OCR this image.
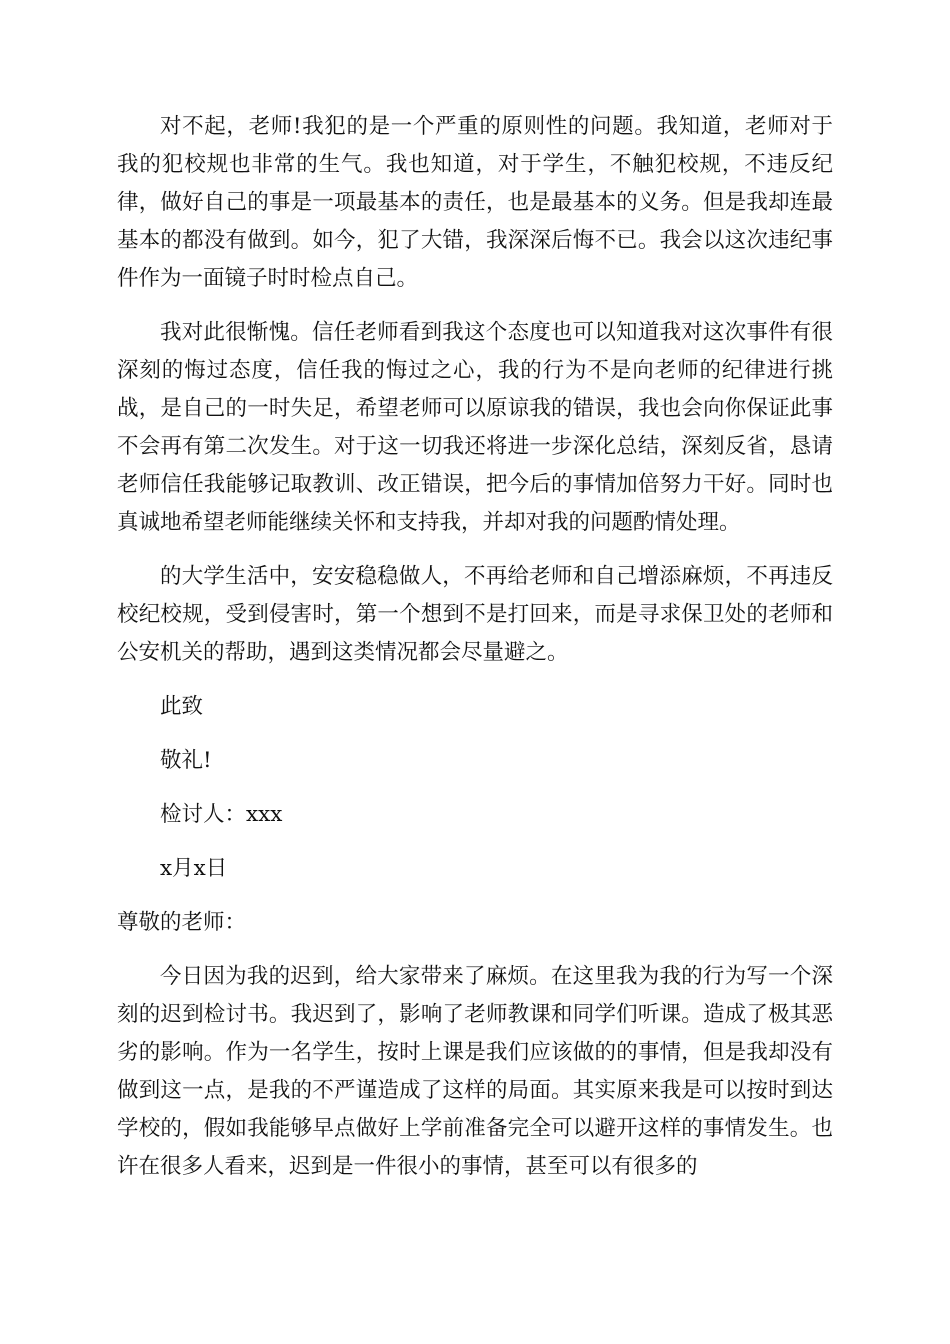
对不起，老师!我犯的是一个严重的原则性的问题。我知道，老师对于我的犯校规也非常的生气。我也知道，对于学生，不触犯校规，不违反纪律，做好自己的事是一项最基本的责任，也是最基本的义务。但是我却连最基本的都没有做到。如今，犯了大错，我深深后悔不已。我会以这次违纪事件作为一面镜子时时检点自己。

我对此很惭愧。信任老师看到我这个态度也可以知道我对这次事件有很深刻的悔过态度，信任我的悔过之心，我的行为不是向老师的纪律进行挑战，是自己的一时失足，希望老师可以原谅我的错误，我也会向你保证此事不会再有第二次发生。对于这一切我还将进一步深化总结，深刻反省，恳请老师信任我能够记取教训、改正错误，把今后的事情加倍努力干好。同时也真诚地希望老师能继续关怀和支持我，并却对我的问题酌情处理。

的大学生活中，安安稳稳做人，不再给老师和自己增添麻烦，不再违反校纪校规，受到侵害时，第一个想到不是打回来，而是寻求保卫处的老师和公安机关的帮助，遇到这类情况都会尽量避之。

此致

敬礼!

检讨人：xxx

x月x日

尊敬的老师：

今日因为我的迟到，给大家带来了麻烦。在这里我为我的行为写一个深刻的迟到检讨书。我迟到了，影响了老师教课和同学们听课。造成了极其恶劣的影响。作为一名学生，按时上课是我们应该做的的事情，但是我却没有做到这一点，是我的不严谨造成了这样的局面。其实原来我是可以按时到达学校的，假如我能够早点做好上学前准备完全可以避开这样的事情发生。也许在很多人看来，迟到是一件很小的事情，甚至可以有很多的
